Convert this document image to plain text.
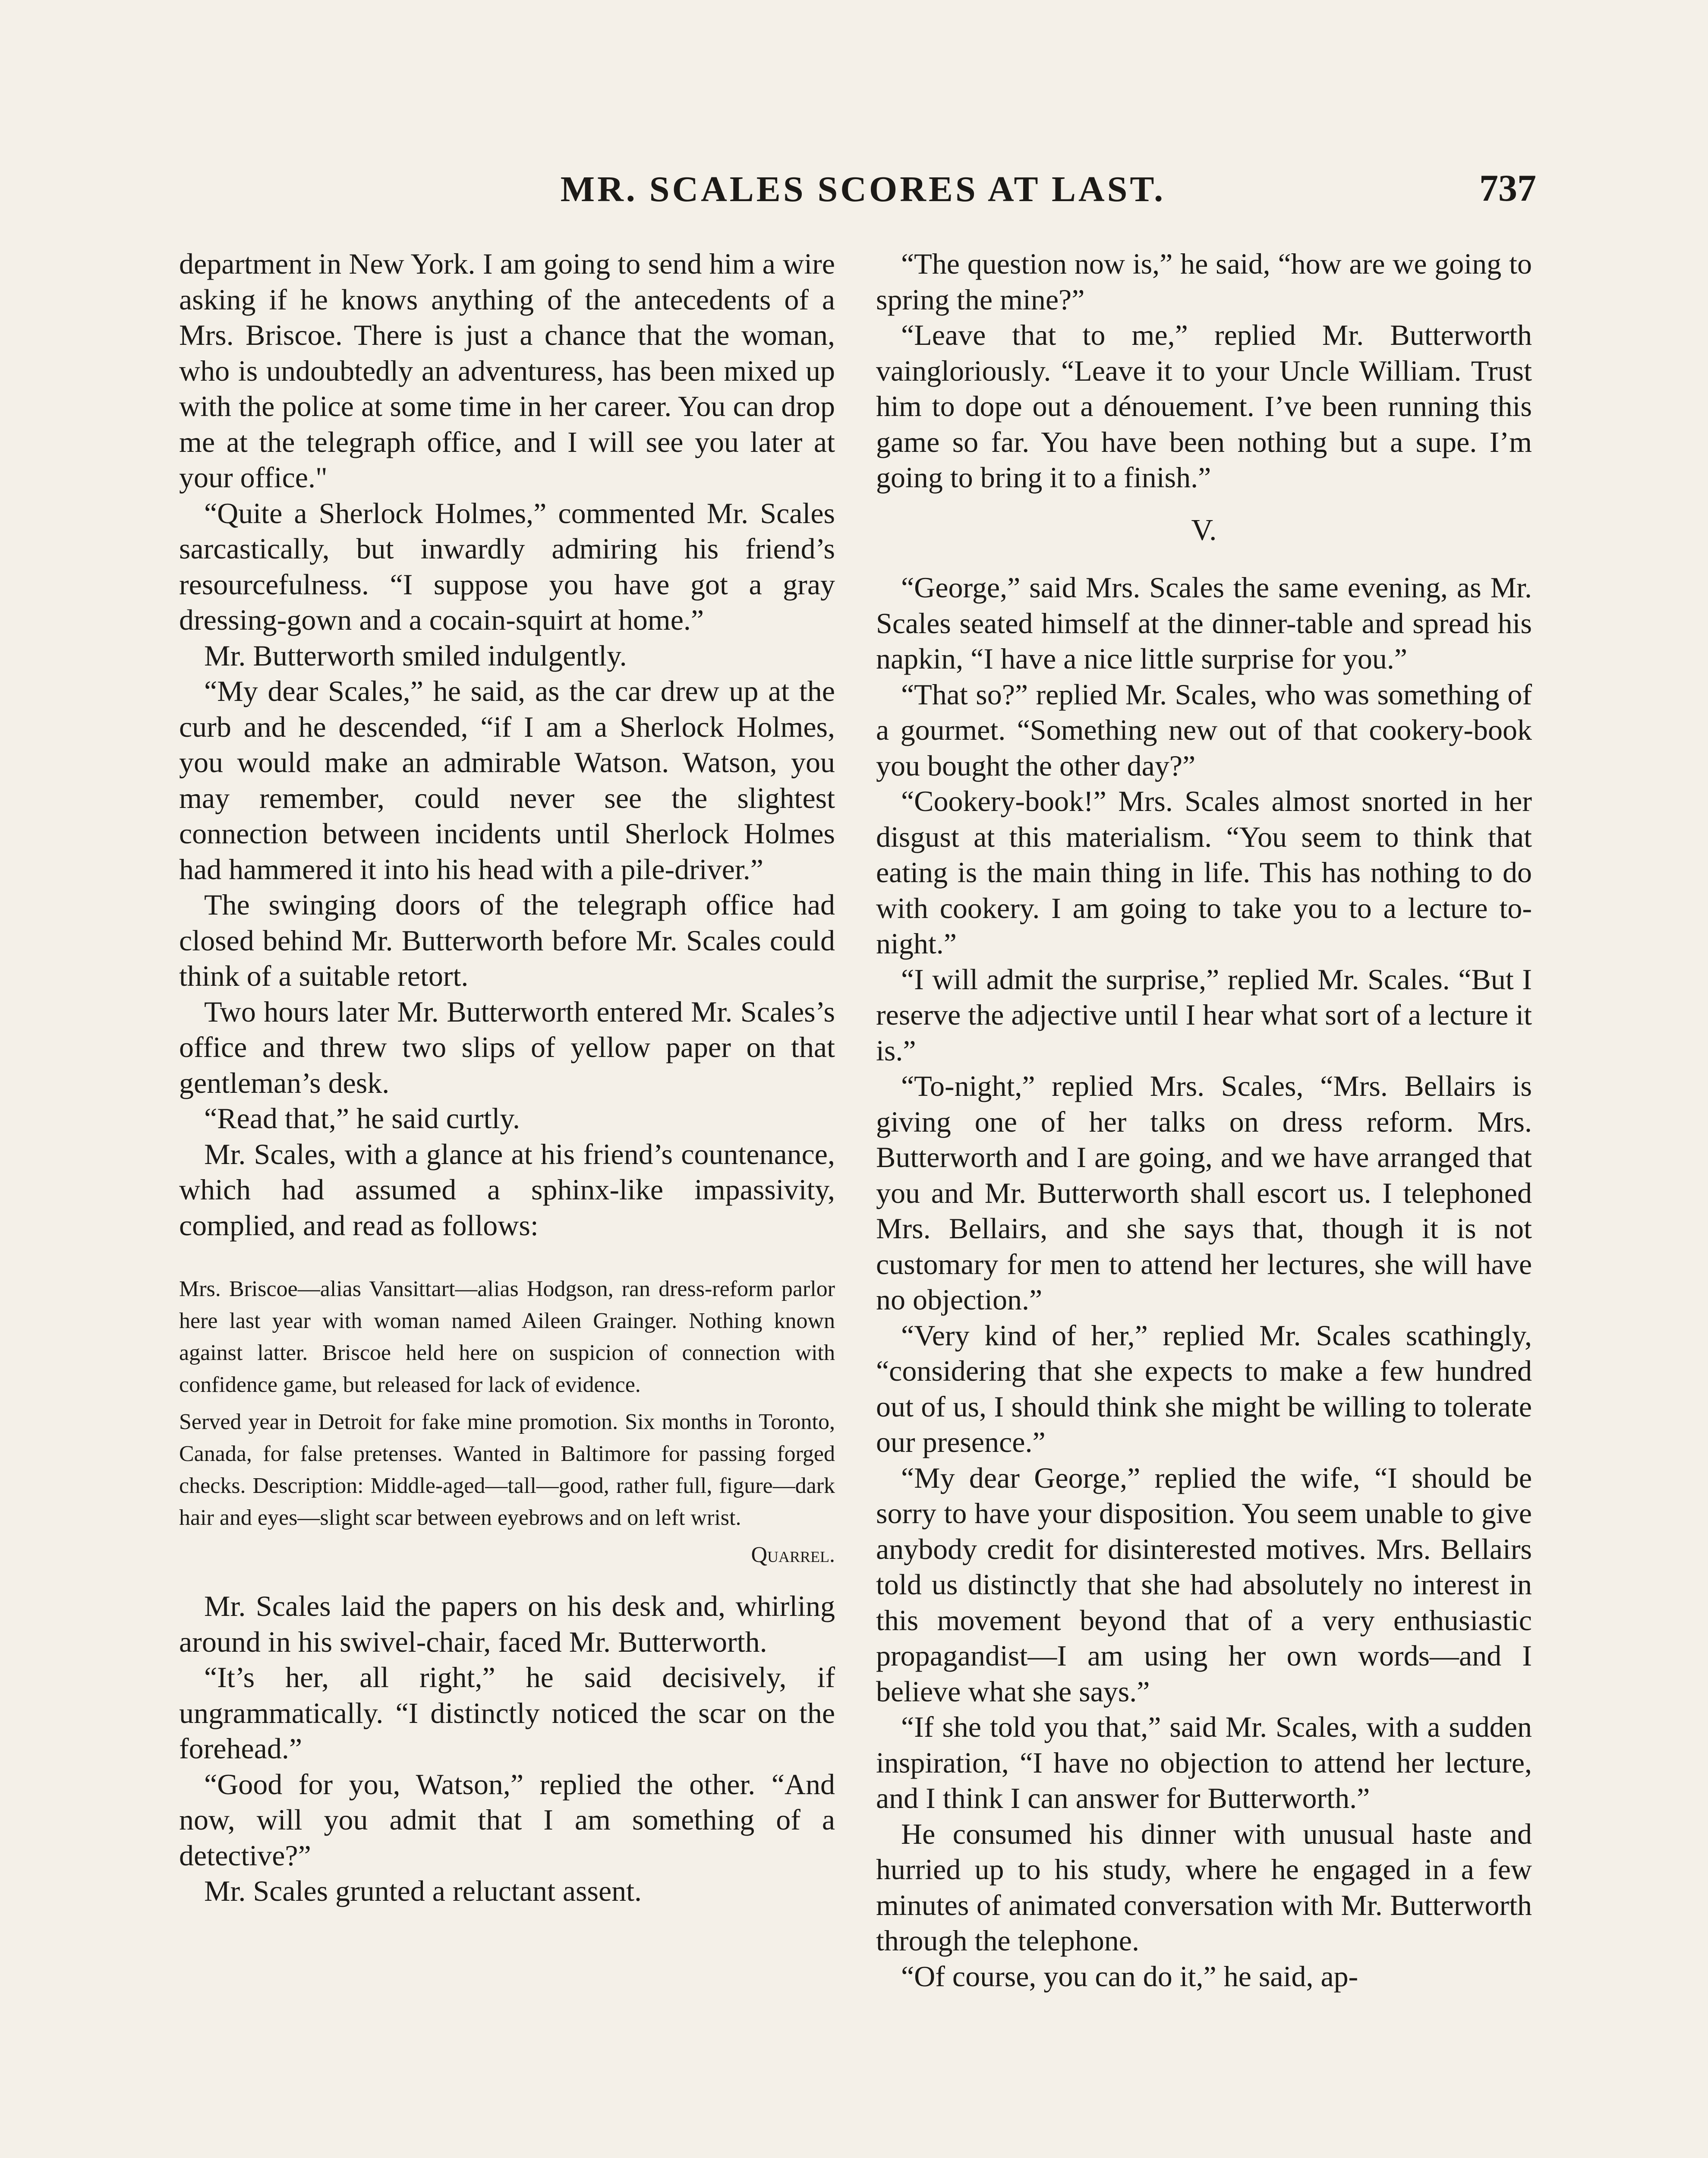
MR. SCALES SCORES AT LAST.	737

department in New York. I am going to send him a wire asking if he knows anything of the antecedents of a Mrs. Briscoe. There is just a chance that the woman, who is undoubtedly an adventuress, has been mixed up with the police at some time in her career. You can drop me at the telegraph office, and I will see you later at your office."

“Quite a Sherlock Holmes,” commented Mr. Scales sarcastically, but inwardly admiring his friend’s resourcefulness. “I suppose you have got a gray dressing-gown and a cocain-squirt at home.”

Mr. Butterworth smiled indulgently.

“My dear Scales,” he said, as the car drew up at the curb and he descended, “if I am a Sherlock Holmes, you would make an admirable Watson. Watson, you may remember, could never see the slightest connection between incidents until Sherlock Holmes had hammered it into his head with a pile-driver.”

The swinging doors of the telegraph office had closed behind Mr. Butterworth before Mr. Scales could think of a suitable retort.

Two hours later Mr. Butterworth entered Mr. Scales’s office and threw two slips of yellow paper on that gentleman’s desk.

“Read that,” he said curtly.

Mr. Scales, with a glance at his friend’s countenance, which had assumed a sphinx-like impassivity, complied, and read as follows:

Mrs. Briscoe—alias Vansittart—alias Hodgson, ran dress-reform parlor here last year with woman named Aileen Grainger. Nothing known against latter. Briscoe held here on suspicion of connection with confidence game, but released for lack of evidence.

Served year in Detroit for fake mine promotion. Six months in Toronto, Canada, for false pretenses. Wanted in Baltimore for passing forged checks. Description: Middle-aged—tall—good, rather full, figure—dark hair and eyes—slight scar between eyebrows and on left wrist.

Quarrel.

Mr. Scales laid the papers on his desk and, whirling around in his swivel-chair, faced Mr. Butterworth.

“It’s her, all right,” he said decisively, if ungrammatically. “I distinctly noticed the scar on the forehead.”

“Good for you, Watson,” replied the other. “And now, will you admit that I am something of a detective?”

Mr. Scales grunted a reluctant assent.

“The question now is,” he said, “how are we going to spring the mine?”

“Leave that to me,” replied Mr. Butterworth vaingloriously. “Leave it to your Uncle William. Trust him to dope out a dénouement. I’ve been running this game so far. You have been nothing but a supe. I’m going to bring it to a finish.”

V.

“George,” said Mrs. Scales the same evening, as Mr. Scales seated himself at the dinner-table and spread his napkin, “I have a nice little surprise for you.”

“That so?” replied Mr. Scales, who was something of a gourmet. “Something new out of that cookery-book you bought the other day?”

“Cookery-book!” Mrs. Scales almost snorted in her disgust at this materialism. “You seem to think that eating is the main thing in life. This has nothing to do with cookery. I am going to take you to a lecture to-night.”

“I will admit the surprise,” replied Mr. Scales. “But I reserve the adjective until I hear what sort of a lecture it is.”

“To-night,” replied Mrs. Scales, “Mrs. Bellairs is giving one of her talks on dress reform. Mrs. Butterworth and I are going, and we have arranged that you and Mr. Butterworth shall escort us. I telephoned Mrs. Bellairs, and she says that, though it is not customary for men to attend her lectures, she will have no objection.”

“Very kind of her,” replied Mr. Scales scathingly, “considering that she expects to make a few hundred out of us, I should think she might be willing to tolerate our presence.”

“My dear George,” replied the wife, “I should be sorry to have your disposition. You seem unable to give anybody credit for disinterested motives. Mrs. Bellairs told us distinctly that she had absolutely no interest in this movement beyond that of a very enthusiastic propagandist—I am using her own words—and I believe what she says.”

“If she told you that,” said Mr. Scales, with a sudden inspiration, “I have no objection to attend her lecture, and I think I can answer for Butterworth.”

He consumed his dinner with unusual haste and hurried up to his study, where he engaged in a few minutes of animated conversation with Mr. Butterworth through the telephone.

“Of course, you can do it,” he said, ap-
